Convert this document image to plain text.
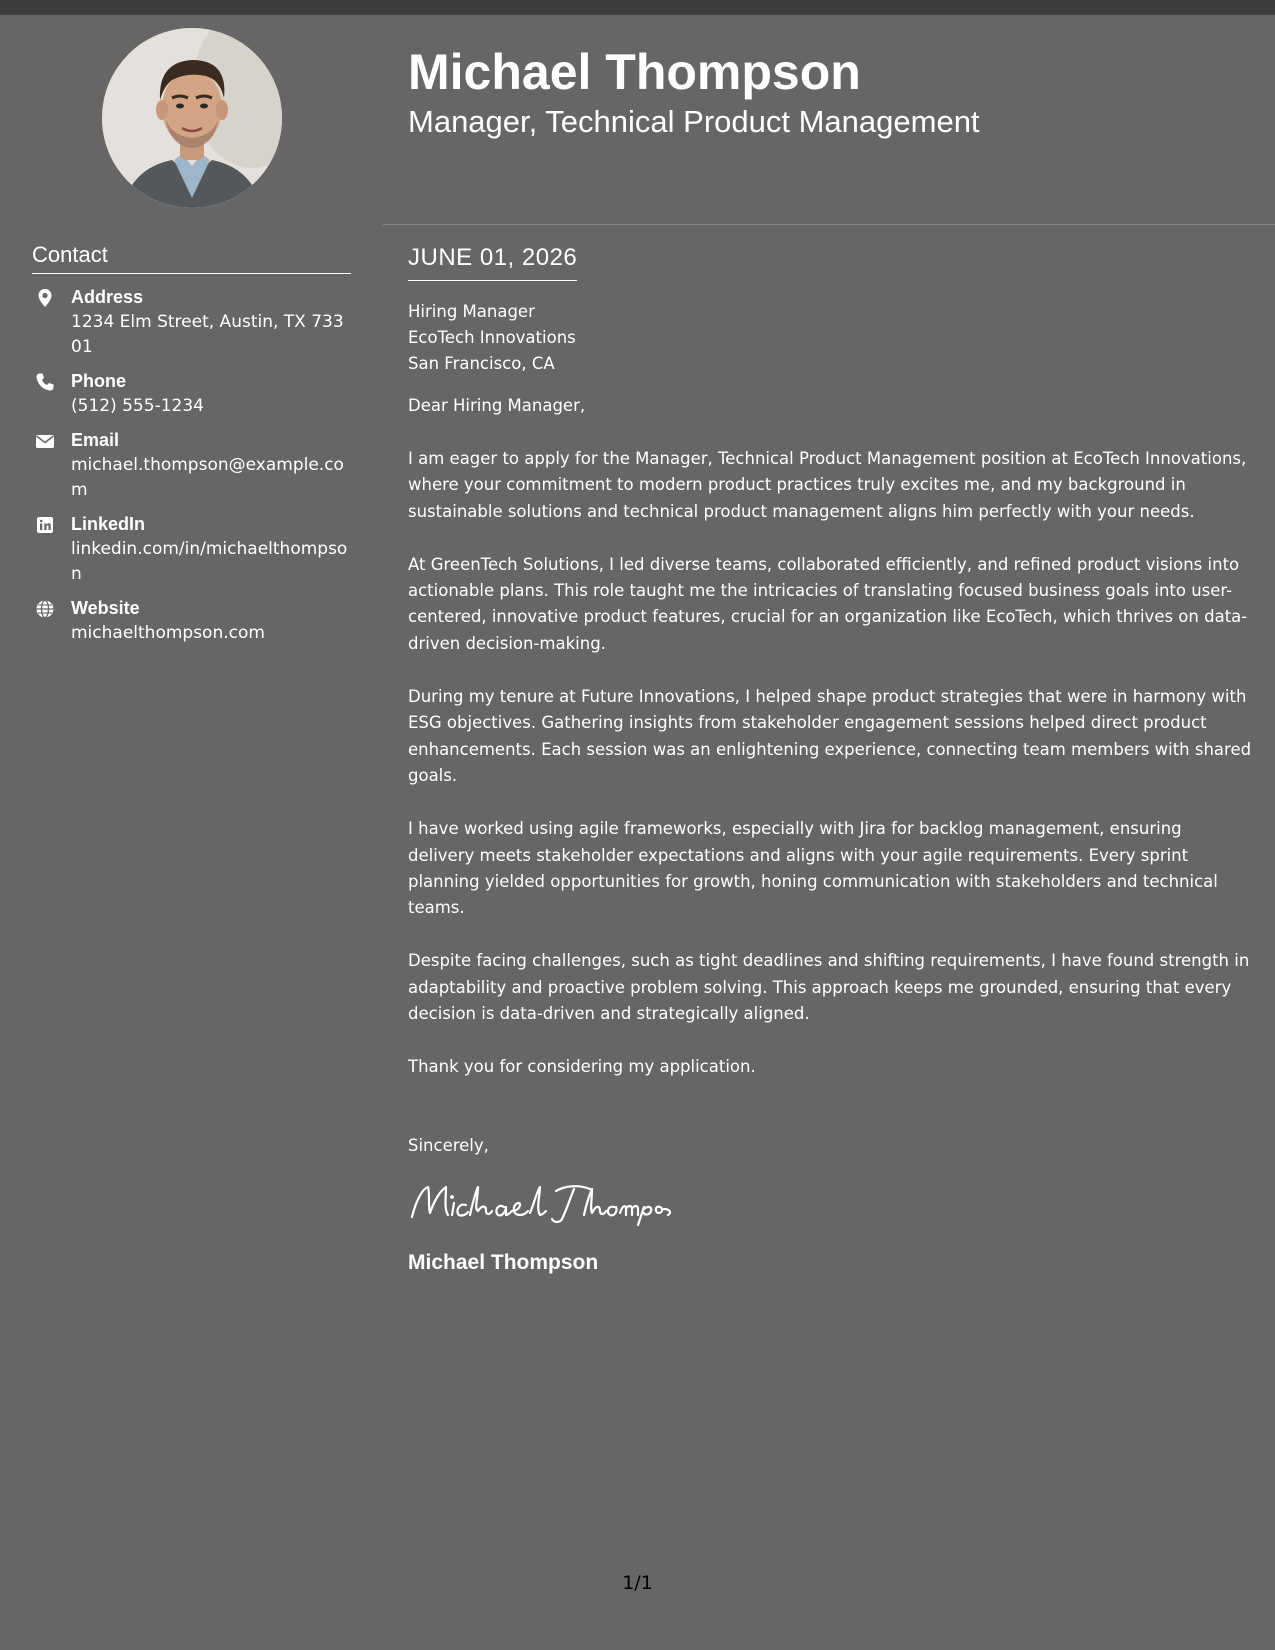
Contact
Address
1234 Elm Street, Austin, TX 73301
Phone
(512) 555-1234
Email
michael.thompson@example.com
LinkedIn
linkedin.com/in/michaelthompson
Website
michaelthompson.com
Michael Thompson
Manager, Technical Product Management
JUNE 01, 2026
Hiring Manager
EcoTech Innovations
San Francisco, CA
Dear Hiring Manager,

I am eager to apply for the Manager, Technical Product Management position at EcoTech Innovations, where your commitment to modern product practices truly excites me, and my background in sustainable solutions and technical product management aligns him perfectly with your needs.

At GreenTech Solutions, I led diverse teams, collaborated efficiently, and refined product visions into actionable plans. This role taught me the intricacies of translating focused business goals into user-centered, innovative product features, crucial for an organization like EcoTech, which thrives on data-driven decision-making.

During my tenure at Future Innovations, I helped shape product strategies that were in harmony with ESG objectives. Gathering insights from stakeholder engagement sessions helped direct product enhancements. Each session was an enlightening experience, connecting team members with shared goals.

I have worked using agile frameworks, especially with Jira for backlog management, ensuring delivery meets stakeholder expectations and aligns with your agile requirements. Every sprint planning yielded opportunities for growth, honing communication with stakeholders and technical teams.

Despite facing challenges, such as tight deadlines and shifting requirements, I have found strength in adaptability and proactive problem solving. This approach keeps me grounded, ensuring that every decision is data-driven and strategically aligned.

Thank you for considering my application.
Sincerely,
Michael Thompson
1/1
